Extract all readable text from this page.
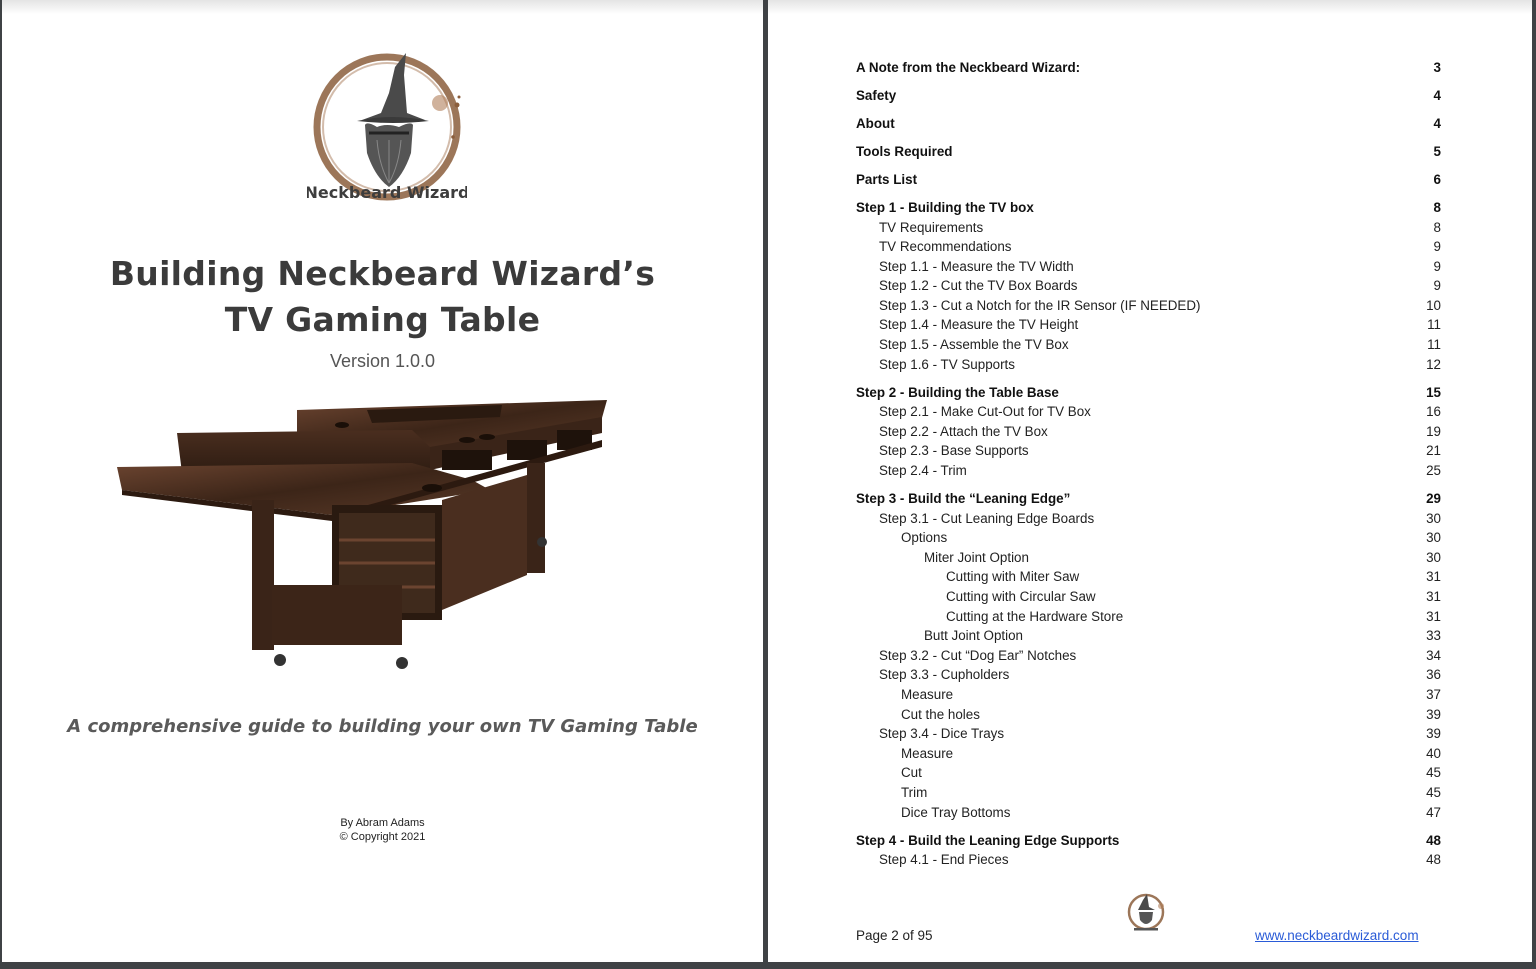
Neckbeard Wizard
Building Neckbeard Wizard’s
TV Gaming Table
Version 1.0.0
A comprehensive guide to building your own TV Gaming Table
By Abram Adams
© Copyright 2021
A Note from the Neckbeard Wizard:	3
Safety	4
About	4
Tools Required	5
Parts List	6
Step 1 - Building the TV box	8
TV Requirements	8
TV Recommendations	9
Step 1.1 - Measure the TV Width	9
Step 1.2 - Cut the TV Box Boards	9
Step 1.3 - Cut a Notch for the IR Sensor (IF NEEDED)	10
Step 1.4 - Measure the TV Height	11
Step 1.5 - Assemble the TV Box	11
Step 1.6 - TV Supports	12
Step 2 - Building the Table Base	15
Step 2.1 - Make Cut-Out for TV Box	16
Step 2.2 - Attach the TV Box	19
Step 2.3 - Base Supports	21
Step 2.4 - Trim	25
Step 3 - Build the “Leaning Edge”	29
Step 3.1 - Cut Leaning Edge Boards	30
Options	30
Miter Joint Option	30
Cutting with Miter Saw	31
Cutting with Circular Saw	31
Cutting at the Hardware Store	31
Butt Joint Option	33
Step 3.2 - Cut “Dog Ear” Notches	34
Step 3.3 - Cupholders	36
Measure	37
Cut the holes	39
Step 3.4 - Dice Trays	39
Measure	40
Cut	45
Trim	45
Dice Tray Bottoms	47
Step 4 - Build the Leaning Edge Supports	48
Step 4.1 - End Pieces	48
Page 2 of 95	www.neckbeardwizard.com
